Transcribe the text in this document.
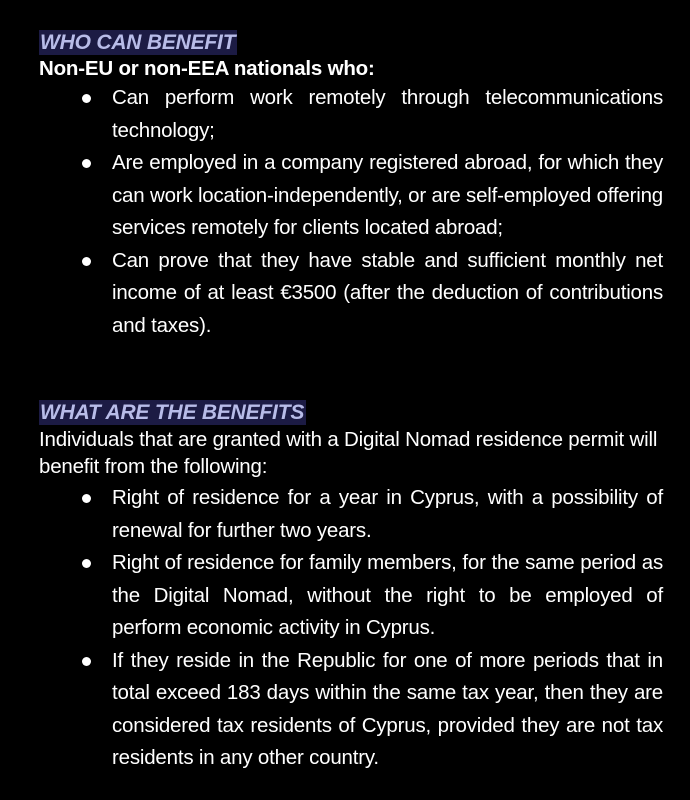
WHO CAN BENEFIT
Non-EU or non-EEA nationals who:
Can perform work remotely through telecommunications technology;
Are employed in a company registered abroad, for which they can work location-independently, or are self-employed offering services remotely for clients located abroad;
Can prove that they have stable and sufficient monthly net income of at least €3500 (after the deduction of contributions and taxes).
WHAT ARE THE BENEFITS
Individuals that are granted with a Digital Nomad residence permit will benefit from the following:
Right of residence for a year in Cyprus, with a possibility of renewal for further two years.
Right of residence for family members, for the same period as the Digital Nomad, without the right to be employed of perform economic activity in Cyprus.
If they reside in the Republic for one of more periods that in total exceed 183 days within the same tax year, then they are considered tax residents of Cyprus, provided they are not tax residents in any other country.
